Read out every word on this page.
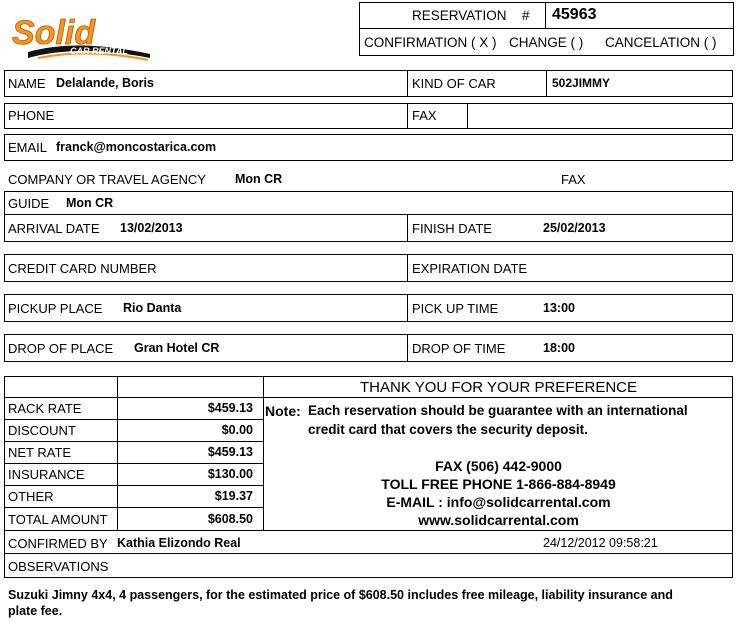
Solid
CAR RENTAL
RESERVATION # 45963
CONFIRMATION ( X ) CHANGE ( ) CANCELATION ( )
NAME Delalande, Boris	KIND OF CAR	502JIMMY
PHONE	FAX
EMAIL franck@moncostarica.com
COMPANY OR TRAVEL AGENCY Mon CR	FAX
GUIDE Mon CR
ARRIVAL DATE 13/02/2013	FINISH DATE	25/02/2013
CREDIT CARD NUMBER	EXPIRATION DATE
PICKUP PLACE Rio Danta	PICK UP TIME	13:00
DROP OF PLACE Gran Hotel CR	DROP OF TIME	18:00
RACK RATE	$459.13
DISCOUNT	$0.00
NET RATE	$459.13
INSURANCE	$130.00
OTHER	$19.37
TOTAL AMOUNT	$608.50
THANK YOU FOR YOUR PREFERENCE
Note: Each reservation should be guarantee with an international
credit card that covers the security deposit.
FAX (506) 442-9000
TOLL FREE PHONE 1-866-884-8949
E-MAIL : info@solidcarrental.com
www.solidcarrental.com
CONFIRMED BY Kathia Elizondo Real	24/12/2012 09:58:21
OBSERVATIONS
Suzuki Jimny 4x4, 4 passengers, for the estimated price of $608.50 includes free mileage, liability insurance and
plate fee.
